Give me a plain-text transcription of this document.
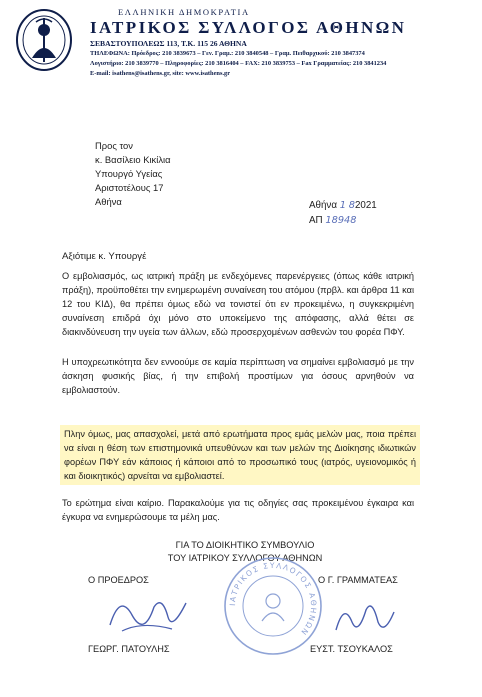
ΕΛΛΗΝΙΚΗ ΔΗΜΟΚΡΑΤΙΑ
ΙΑΤΡΙΚΟΣ ΣΥΛΛΟΓΟΣ ΑΘΗΝΩΝ
ΣΕΒΑΣΤΟΥΠΟΛΕΩΣ 113, Τ.Κ. 115 26 ΑΘΗΝΑ
ΤΗΛΕΦΩΝΑ: Πρόεδρος: 210 3839673 – Γεν. Γραμ.: 210 3840548 – Γραμ. Πειθαρχικού: 210 3847374
Λογιστήριο: 210 3839770 – Πληροφορίες: 210 3816404 – FAX: 210 3839753 – Fax Γραμματείας: 210 3841234
E-mail: isathens@isathens.gr, site: www.isathens.gr
Προς τον
κ. Βασίλειο Κικίλια
Υπουργό Υγείας
Αριστοτέλους 17
Αθήνα	Αθήνα 1 82021
ΑΠ 18948
Αξιότιμε κ. Υπουργέ
Ο εμβολιασμός, ως ιατρική πράξη με ενδεχόμενες παρενέργειες (όπως κάθε ιατρική πράξη), προϋποθέτει την ενημερωμένη συναίνεση του ατόμου (πρβλ. και άρθρα 11 και 12 του ΚΙΔ), θα πρέπει όμως εδώ να τονιστεί ότι εν προκειμένω, η συγκεκριμένη συναίνεση επιδρά όχι μόνο στο υποκείμενο της απόφασης, αλλά θέτει σε διακινδύνευση την υγεία των άλλων, εδώ προσερχομένων ασθενών του φορέα ΠΦΥ.
Η υποχρεωτικότητα δεν εννοούμε σε καμία περίπτωση να σημαίνει εμβολιασμό με την άσκηση φυσικής βίας, ή την επιβολή προστίμων για όσους αρνηθούν να εμβολιαστούν.
Πλην όμως, μας απασχολεί, μετά από ερωτήματα προς εμάς μελών μας, ποια πρέπει να είναι η θέση των επιστημονικά υπευθύνων και των μελών της Διοίκησης ιδιωτικών φορέων ΠΦΥ εάν κάποιος ή κάποιοι από το προσωπικό τους (ιατρός, υγειονομικός ή και διοικητικός) αρνείται να εμβολιαστεί.
Το ερώτημα είναι καίριο. Παρακαλούμε για τις οδηγίες σας προκειμένου έγκαιρα και έγκυρα να ενημερώσουμε τα μέλη μας.
ΓΙΑ ΤΟ ΔΙΟΙΚΗΤΙΚΟ ΣΥΜΒΟΥΛΙΟ
ΤΟΥ ΙΑΤΡΙΚΟΥ ΣΥΛΛΟΓΟΥ ΑΘΗΝΩΝ
Ο ΠΡΟΕΔΡΟΣ	Ο Γ. ΓΡΑΜΜΑΤΕΑΣ
ΙΑΤΡΙΚΟΣ ΣΥΛΛΟΓΟΣ ΑΘΗΝΩΝ
ΓΕΩΡΓ. ΠΑΤΟΥΛΗΣ	ΕΥΣΤ. ΤΣΟΥΚΑΛΟΣ
